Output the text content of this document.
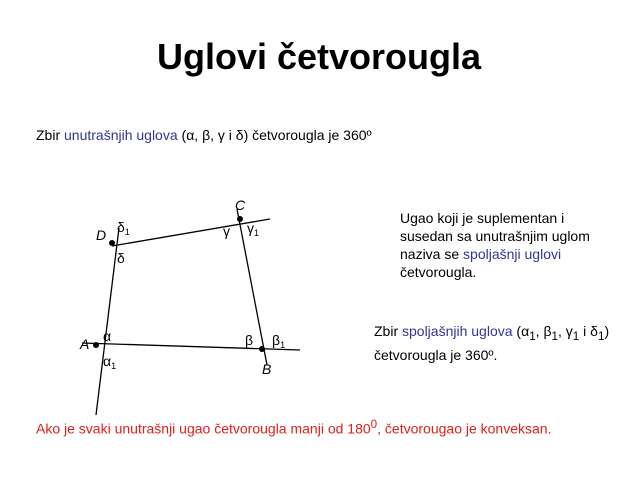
Uglovi četvorougla
Zbir unutrašnjih uglova (α, β, γ i δ) četvorougla je 360º
A
B
C
D
α
$\alpha_1$
β $\beta_1$
γ $\gamma_1$
δ
$\delta_1$
Ugao koji je suplementan i susedan sa unutrašnjim uglom naziva se spoljašnji uglovi četvorougla.
Zbir spoljašnjih uglova ($\alpha_1$, $\beta_1$, $\gamma_1$ i $\delta_1$) četvorougla je 360º.
Ako je svaki unutrašnji ugao četvorougla manji od $180^0$, četvorougao je konveksan.
